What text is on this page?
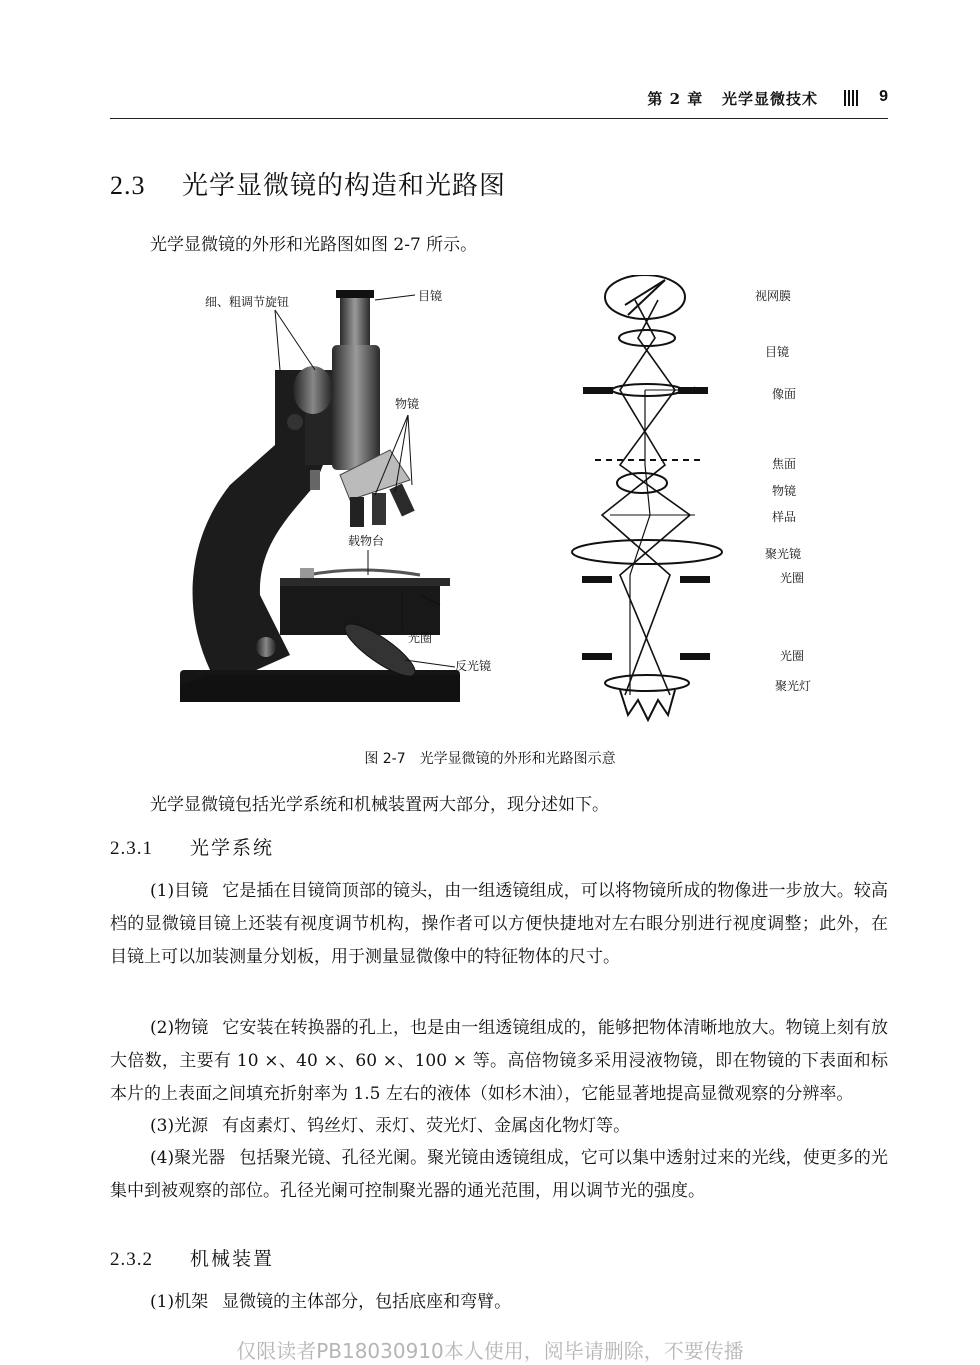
第 2 章 光学显微技术	9
2.3 光学显微镜的构造和光路图
光学显微镜的外形和光路图如图 2-7 所示。
细、粗调节旋钮	目镜
物镜
载物台
光圈
反光镜
视网膜
目镜
像面
焦面
物镜
样品
聚光镜
光圈
光圈
聚光灯
图 2-7 光学显微镜的外形和光路图示意
光学显微镜包括光学系统和机械装置两大部分，现分述如下。
2.3.1 光学系统
(1)目镜 它是插在目镜筒顶部的镜头，由一组透镜组成，可以将物镜所成的物像进一步放大。较高档的显微镜目镜上还装有视度调节机构，操作者可以方便快捷地对左右眼分别进行视度调整；此外，在目镜上可以加装测量分划板，用于测量显微像中的特征物体的尺寸。
(2)物镜 它安装在转换器的孔上，也是由一组透镜组成的，能够把物体清晰地放大。物镜上刻有放大倍数，主要有 10 ×、40 ×、60 ×、100 × 等。高倍物镜多采用浸液物镜，即在物镜的下表面和标本片的上表面之间填充折射率为 1.5 左右的液体（如杉木油），它能显著地提高显微观察的分辨率。
(3)光源 有卤素灯、钨丝灯、汞灯、荧光灯、金属卤化物灯等。
(4)聚光器 包括聚光镜、孔径光阑。聚光镜由透镜组成，它可以集中透射过来的光线，使更多的光集中到被观察的部位。孔径光阑可控制聚光器的通光范围，用以调节光的强度。
2.3.2 机械装置
(1)机架 显微镜的主体部分，包括底座和弯臂。
仅限读者PB18030910本人使用，阅毕请删除，不要传播
